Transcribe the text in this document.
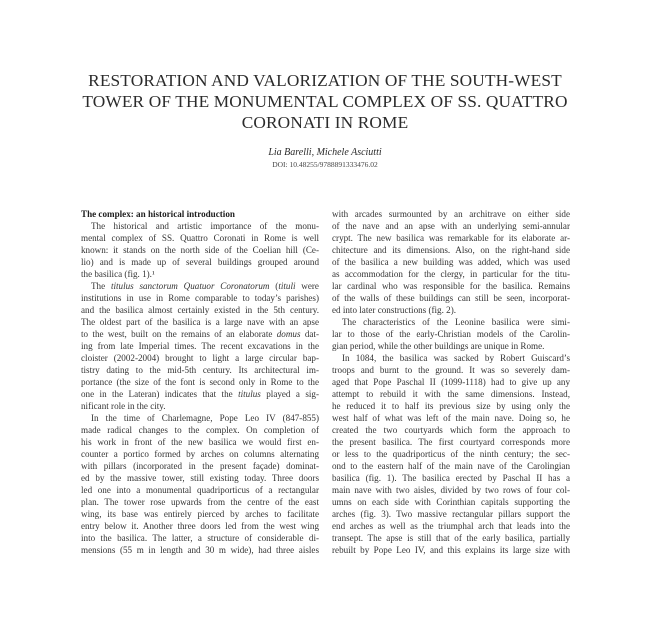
RESTORATION AND VALORIZATION OF THE SOUTH-WEST
TOWER OF THE MONUMENTAL COMPLEX OF SS. QUATTRO
CORONATI IN ROME
Lia Barelli, Michele Asciutti
DOI: 10.48255/9788891333476.02
The complex: an historical introduction
The historical and artistic importance of the monu-
mental complex of SS. Quattro Coronati in Rome is well
known: it stands on the north side of the Coelian hill (Ce-
lio) and is made up of several buildings grouped around
the basilica (fig. 1).¹
The titulus sanctorum Quatuor Coronatorum (tituli were
institutions in use in Rome comparable to today’s parishes)
and the basilica almost certainly existed in the 5th century.
The oldest part of the basilica is a large nave with an apse
to the west, built on the remains of an elaborate domus dat-
ing from late Imperial times. The recent excavations in the
cloister (2002-2004) brought to light a large circular bap-
tistry dating to the mid-5th century. Its architectural im-
portance (the size of the font is second only in Rome to the
one in the Lateran) indicates that the titulus played a sig-
nificant role in the city.
In the time of Charlemagne, Pope Leo IV (847-855)
made radical changes to the complex. On completion of
his work in front of the new basilica we would first en-
counter a portico formed by arches on columns alternating
with pillars (incorporated in the present façade) dominat-
ed by the massive tower, still existing today. Three doors
led one into a monumental quadriporticus of a rectangular
plan. The tower rose upwards from the centre of the east
wing, its base was entirely pierced by arches to facilitate
entry below it. Another three doors led from the west wing
into the basilica. The latter, a structure of considerable di-
mensions (55 m in length and 30 m wide), had three aisles
with arcades surmounted by an architrave on either side
of the nave and an apse with an underlying semi-annular
crypt. The new basilica was remarkable for its elaborate ar-
chitecture and its dimensions. Also, on the right-hand side
of the basilica a new building was added, which was used
as accommodation for the clergy, in particular for the titu-
lar cardinal who was responsible for the basilica. Remains
of the walls of these buildings can still be seen, incorporat-
ed into later constructions (fig. 2).
The characteristics of the Leonine basilica were simi-
lar to those of the early-Christian models of the Carolin-
gian period, while the other buildings are unique in Rome.
In 1084, the basilica was sacked by Robert Guiscard’s
troops and burnt to the ground. It was so severely dam-
aged that Pope Paschal II (1099-1118) had to give up any
attempt to rebuild it with the same dimensions. Instead,
he reduced it to half its previous size by using only the
west half of what was left of the main nave. Doing so, he
created the two courtyards which form the approach to
the present basilica. The first courtyard corresponds more
or less to the quadriporticus of the ninth century; the sec-
ond to the eastern half of the main nave of the Carolingian
basilica (fig. 1). The basilica erected by Paschal II has a
main nave with two aisles, divided by two rows of four col-
umns on each side with Corinthian capitals supporting the
arches (fig. 3). Two massive rectangular pillars support the
end arches as well as the triumphal arch that leads into the
transept. The apse is still that of the early basilica, partially
rebuilt by Pope Leo IV, and this explains its large size with
